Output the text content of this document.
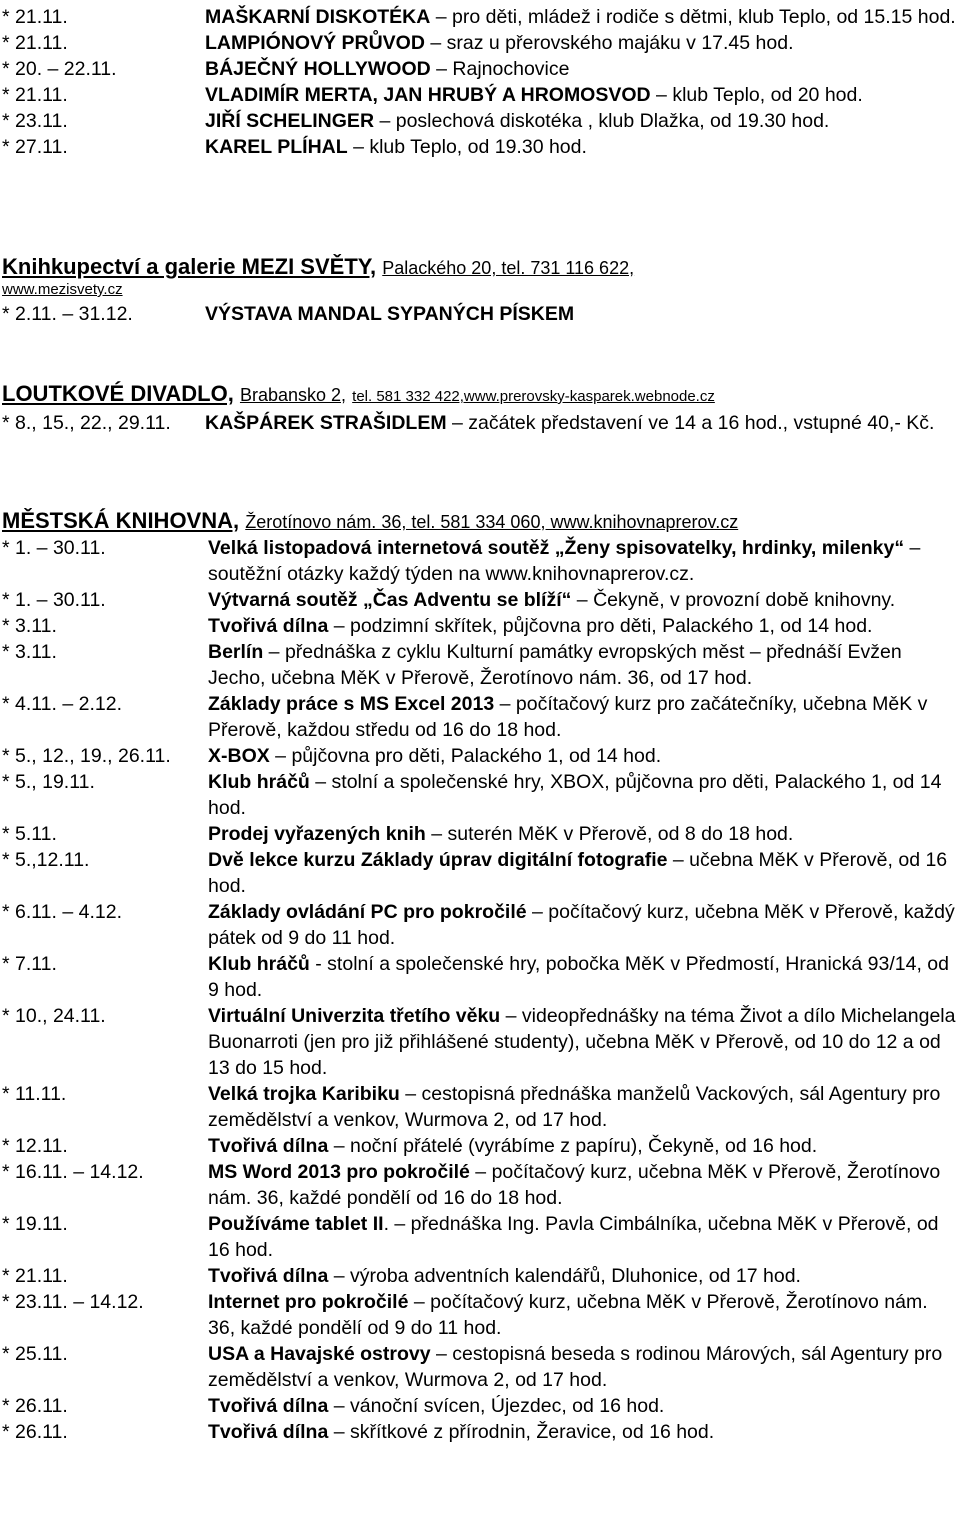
* 21.11.	MAŠKARNÍ DISKOTÉKA – pro děti, mládež i rodiče s dětmi, klub Teplo, od 15.15 hod.
* 21.11.	LAMPIÓNOVÝ PRŮVOD – sraz u přerovského majáku v 17.45 hod.
* 20. – 22.11.	BÁJEČNÝ HOLLYWOOD – Rajnochovice
* 21.11.	VLADIMÍR MERTA, JAN HRUBÝ A HROMOSVOD – klub Teplo, od 20 hod.
* 23.11.	JIŘÍ SCHELINGER – poslechová diskotéka , klub Dlažka, od 19.30 hod.
* 27.11.	KAREL PLÍHAL – klub Teplo, od 19.30 hod.
Knihkupectví a galerie MEZI SVĚTY, Palackého 20, tel. 731 116 622,
www.mezisvety.cz
* 2.11. – 31.12.	VÝSTAVA MANDAL SYPANÝCH PÍSKEM
LOUTKOVÉ DIVADLO, Brabansko 2, tel. 581 332 422,www.prerovsky-kasparek.webnode.cz
* 8., 15., 22., 29.11. KAŠPÁREK STRAŠIDLEM – začátek představení ve 14 a 16 hod., vstupné 40,- Kč.
MĚSTSKÁ KNIHOVNA, Žerotínovo nám. 36, tel. 581 334 060, www.knihovnaprerov.cz
* 1. – 30.11.	Velká listopadová internetová soutěž „Ženy spisovatelky, hrdinky, milenky“ – soutěžní otázky každý týden na www.knihovnaprerov.cz.
* 1. – 30.11.	Výtvarná soutěž „Čas Adventu se blíží“ – Čekyně, v provozní době knihovny.
* 3.11.	Tvořivá dílna – podzimní skřítek, půjčovna pro děti, Palackého 1, od 14 hod.
* 3.11.	Berlín – přednáška z cyklu Kulturní památky evropských měst – přednáší Evžen Jecho, učebna MěK v Přerově, Žerotínovo nám. 36, od 17 hod.
* 4.11. – 2.12.	Základy práce s MS Excel 2013 – počítačový kurz pro začátečníky, učebna MěK v Přerově, každou středu od 16 do 18 hod.
* 5., 12., 19., 26.11. X-BOX – půjčovna pro děti, Palackého 1, od 14 hod.
* 5., 19.11.	Klub hráčů – stolní a společenské hry, XBOX, půjčovna pro děti, Palackého 1, od 14 hod.
* 5.11.	Prodej vyřazených knih – suterén MěK v Přerově, od 8 do 18 hod.
* 5.,12.11.	Dvě lekce kurzu Základy úprav digitální fotografie – učebna MěK v Přerově, od 16 hod.
* 6.11. – 4.12.	Základy ovládání PC pro pokročilé – počítačový kurz, učebna MěK v Přerově, každý pátek od 9 do 11 hod.
* 7.11.	Klub hráčů - stolní a společenské hry, pobočka MěK v Předmostí, Hranická 93/14, od 9 hod.
* 10., 24.11.	Virtuální Univerzita třetího věku – videopřednášky na téma Život a dílo Michelangela Buonarroti (jen pro již přihlášené studenty), učebna MěK v Přerově, od 10 do 12 a od 13 do 15 hod.
* 11.11.	Velká trojka Karibiku – cestopisná přednáška manželů Vackových, sál Agentury pro zemědělství a venkov, Wurmova 2, od 17 hod.
* 12.11.	Tvořivá dílna – noční přátelé (vyrábíme z papíru), Čekyně, od 16 hod.
* 16.11. – 14.12.	MS Word 2013 pro pokročilé – počítačový kurz, učebna MěK v Přerově, Žerotínovo nám. 36, každé pondělí od 16 do 18 hod.
* 19.11.	Používáme tablet II. – přednáška Ing. Pavla Cimbálníka, učebna MěK v Přerově, od 16 hod.
* 21.11.	Tvořivá dílna – výroba adventních kalendářů, Dluhonice, od 17 hod.
* 23.11. – 14.12.	Internet pro pokročilé – počítačový kurz, učebna MěK v Přerově, Žerotínovo nám. 36, každé pondělí od 9 do 11 hod.
* 25.11.	USA a Havajské ostrovy – cestopisná beseda s rodinou Márových, sál Agentury pro zemědělství a venkov, Wurmova 2, od 17 hod.
* 26.11.	Tvořivá dílna – vánoční svícen, Újezdec, od 16 hod.
* 26.11.	Tvořivá dílna – skřítkové z přírodnin, Žeravice, od 16 hod.
